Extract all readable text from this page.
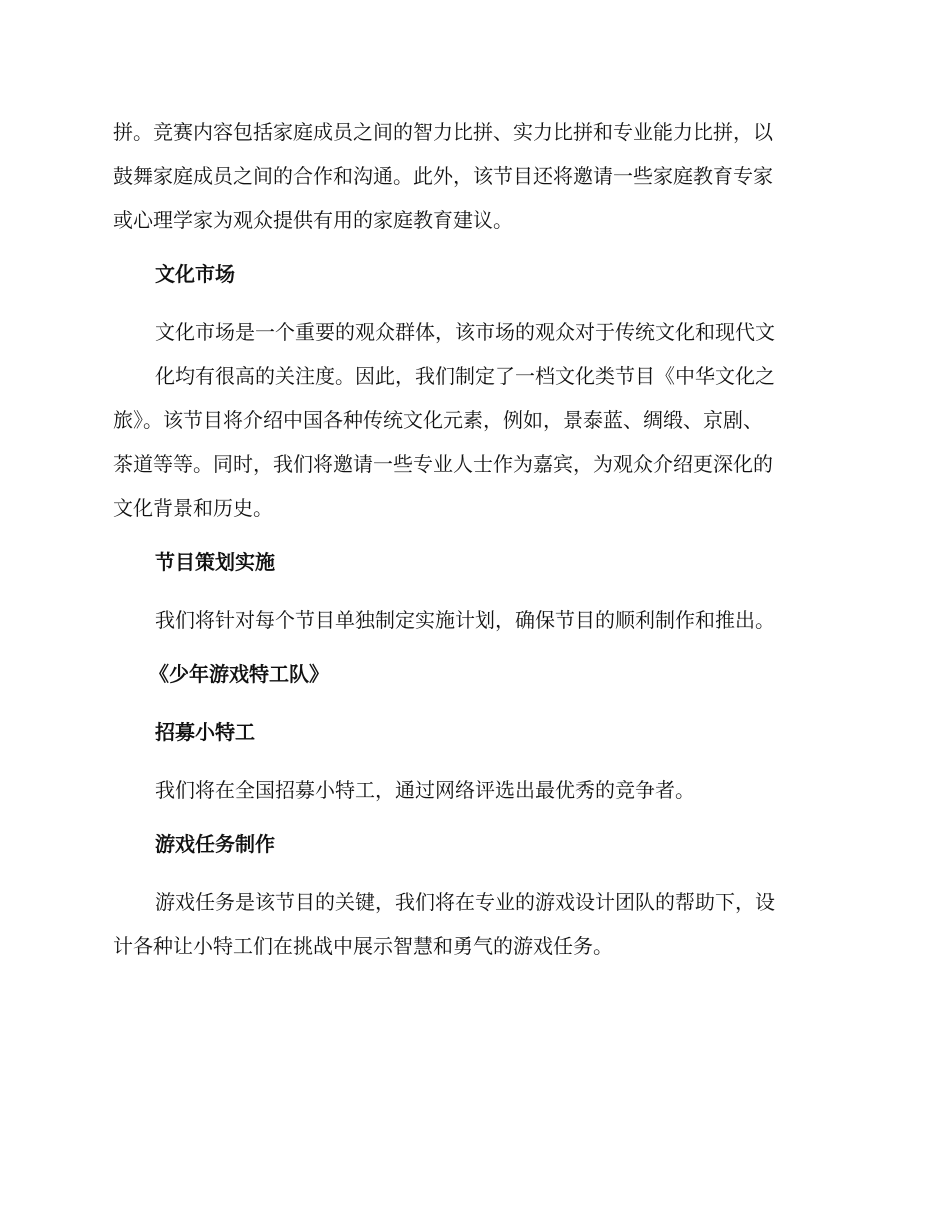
拼。竞赛内容包括家庭成员之间的智力比拼、实力比拼和专业能力比拼，以
鼓舞家庭成员之间的合作和沟通。此外，该节目还将邀请一些家庭教育专家
或心理学家为观众提供有用的家庭教育建议。

文化市场

文化市场是一个重要的观众群体，该市场的观众对于传统文化和现代文
化均有很高的关注度。因此，我们制定了一档文化类节目《中华文化之
旅》。该节目将介绍中国各种传统文化元素，例如，景泰蓝、绸缎、京剧、
茶道等等。同时，我们将邀请一些专业人士作为嘉宾，为观众介绍更深化的
文化背景和历史。

节目策划实施

我们将针对每个节目单独制定实施计划，确保节目的顺利制作和推出。

《少年游戏特工队》

招募小特工

我们将在全国招募小特工，通过网络评选出最优秀的竞争者。

游戏任务制作

游戏任务是该节目的关键，我们将在专业的游戏设计团队的帮助下，设
计各种让小特工们在挑战中展示智慧和勇气的游戏任务。
